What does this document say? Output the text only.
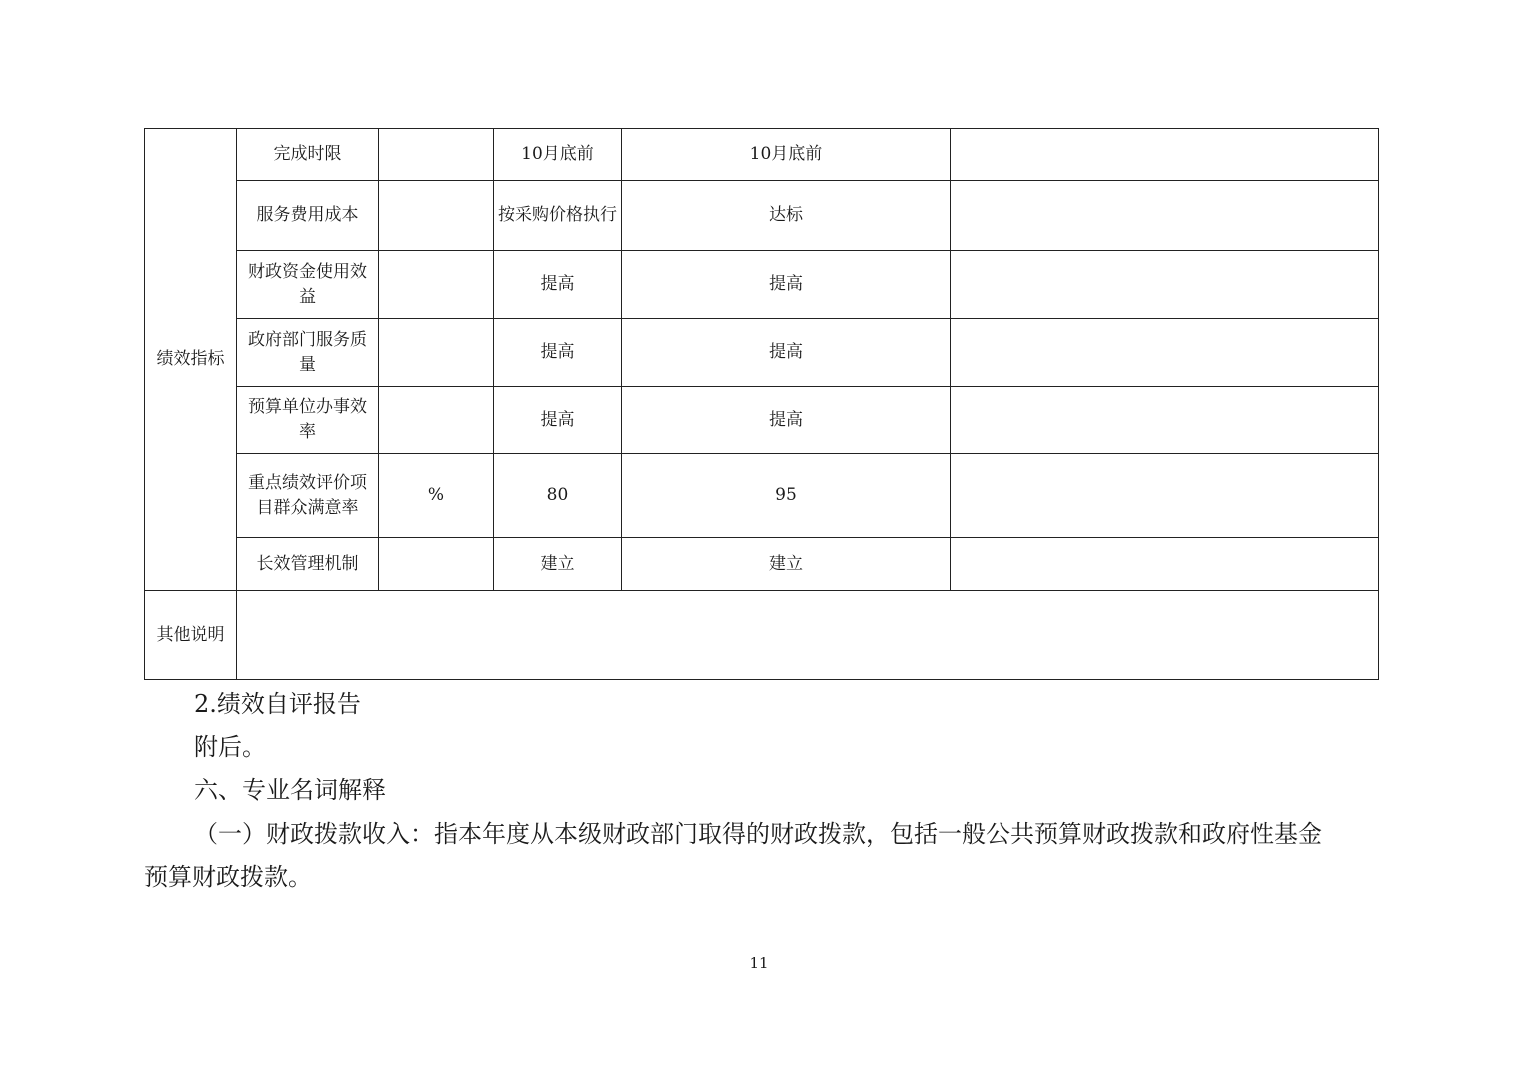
绩效指标	完成时限		10月底前	10月底前	
	服务费用成本		按采购价格执行	达标	
	财政资金使用效益		提高	提高	
	政府部门服务质量		提高	提高	
	预算单位办事效率		提高	提高	
	重点绩效评价项目群众满意率	%	80	95	
	长效管理机制		建立	建立	
其他说明					

2.绩效自评报告

附后。

六、专业名词解释

（一）财政拨款收入：指本年度从本级财政部门取得的财政拨款，包括一般公共预算财政拨款和政府性基金

预算财政拨款。

11
